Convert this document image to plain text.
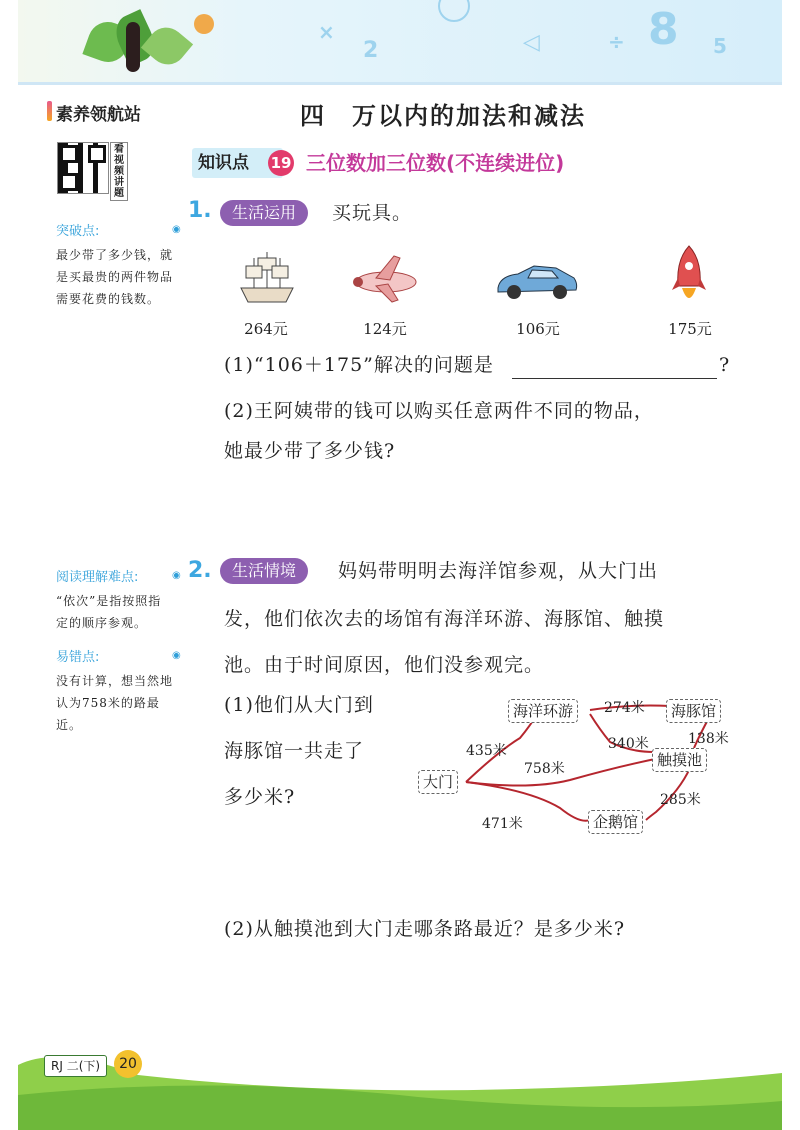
×
2	◁	÷ 8 5
素养领航站
看视频讲题
突破点:	◉
最少带了多少钱，就是买最贵的两件物品需要花费的钱数。
阅读理解难点:	◉
“依次”是指按照指定的顺序参观。
易错点:	◉
没有计算，想当然地认为758米的路最近。
四　万以内的加法和减法
知识点	19 三位数加三位数(不连续进位)
1.	生活运用	买玩具。
264元	124元	106元	175元
(1)“106＋175”解决的问题是	?
(2)王阿姨带的钱可以购买任意两件不同的物品，
她最少带了多少钱?
2.	生活情境	妈妈带明明去海洋馆参观，从大门出
发，他们依次去的场馆有海洋环游、海豚馆、触摸
池。由于时间原因，他们没参观完。
(1)他们从大门到
海豚馆一共走了
多少米?
大门
海洋环游	海豚馆
触摸池
企鹅馆
435米
274米
340米	138米
758米
285米
471米
(2)从触摸池到大门走哪条路最近？是多少米?
RJ 二(下)	20
